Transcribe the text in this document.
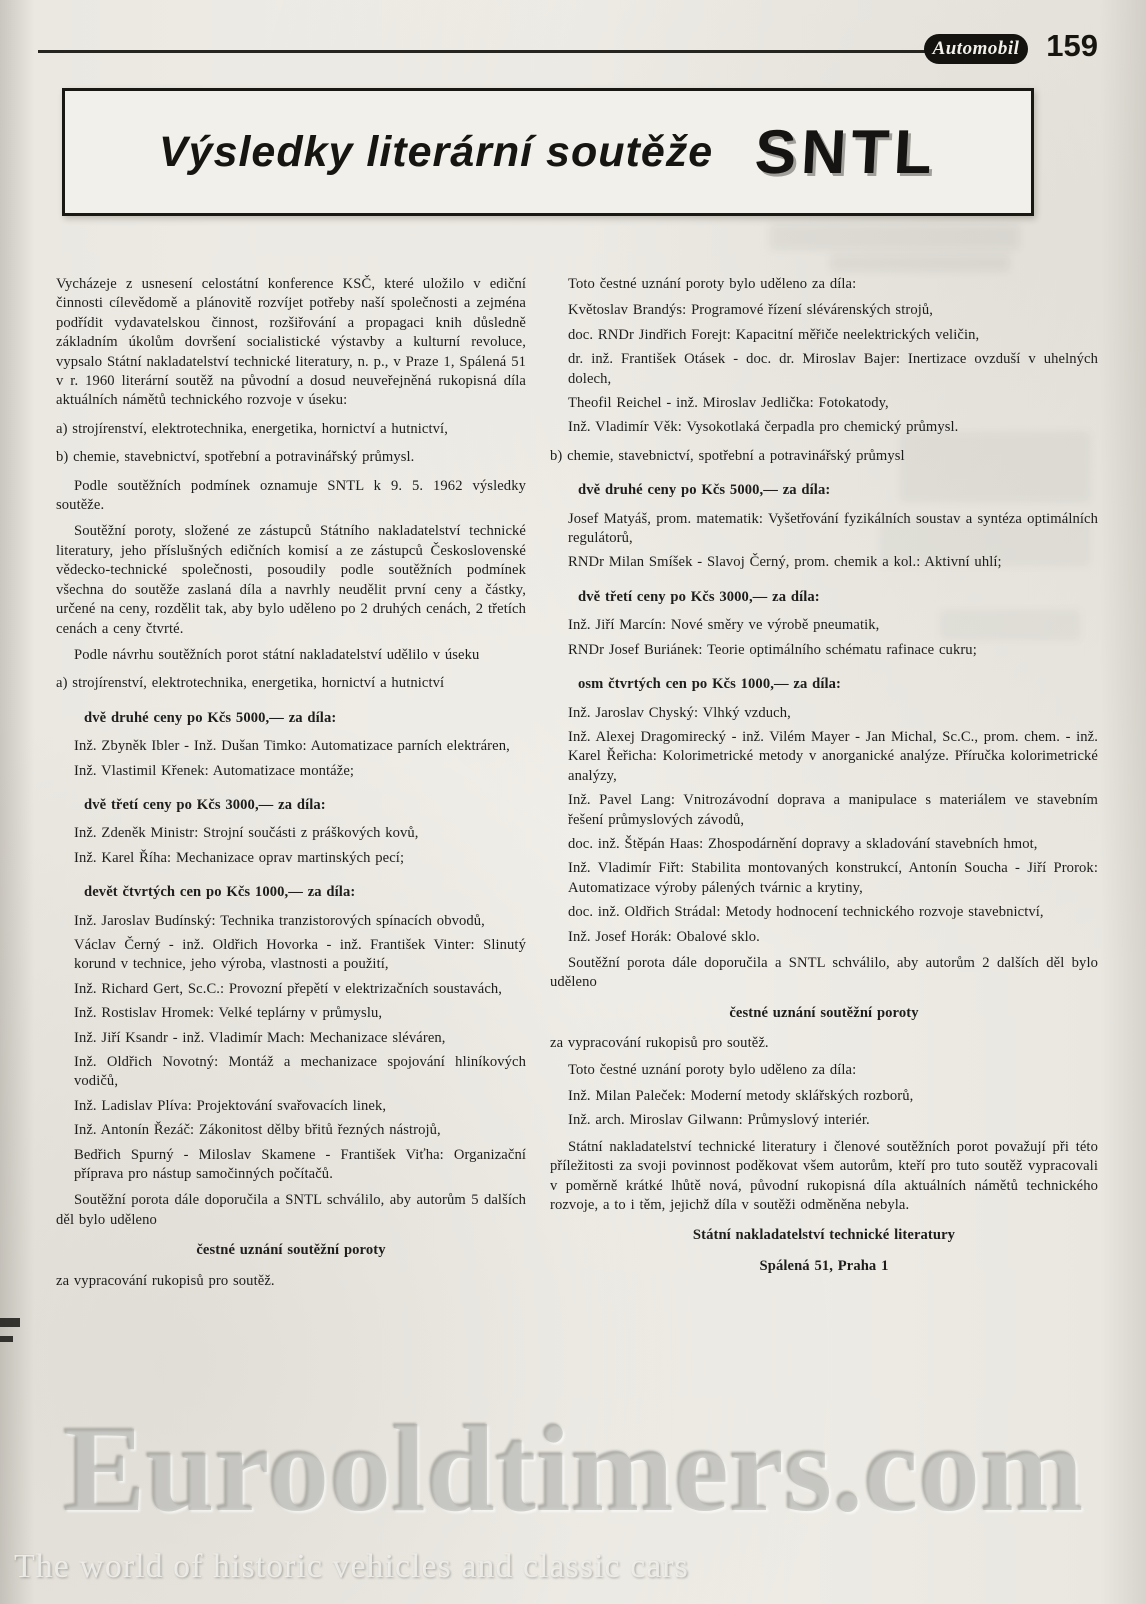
Automobil 159
Výsledky literární soutěže SNTL
Vycházeje z usnesení celostátní konference KSČ, které uložilo v ediční činnosti cílevědomě a plánovitě rozvíjet potřeby naší společnosti a zejména podřídit vydavatelskou činnost, rozšiřování a propagaci knih důsledně základním úkolům dovršení socialistické výstavby a kulturní revoluce, vypsalo Státní nakladatelství technické literatury, n. p., v Praze 1, Spálená 51 v r. 1960 literární soutěž na původní a dosud neuveřejněná rukopisná díla aktuálních námětů technického rozvoje v úseku:
a) strojírenství, elektrotechnika, energetika, hornictví a hutnictví,
b) chemie, stavebnictví, spotřební a potravinářský průmysl.
Podle soutěžních podmínek oznamuje SNTL k 9. 5. 1962 výsledky soutěže.
Soutěžní poroty, složené ze zástupců Státního nakladatelství technické literatury, jeho příslušných edičních komisí a ze zástupců Československé vědecko-technické společnosti, posoudily podle soutěžních podmínek všechna do soutěže zaslaná díla a navrhly neudělit první ceny a částky, určené na ceny, rozdělit tak, aby bylo uděleno po 2 druhých cenách, 2 třetích cenách a ceny čtvrté.
Podle návrhu soutěžních porot státní nakladatelství udělilo v úseku
a) strojírenství, elektrotechnika, energetika, hornictví a hutnictví
dvě druhé ceny po Kčs 5000,— za díla:
Inž. Zbyněk Ibler - Inž. Dušan Timko: Automatizace parních elektráren,
Inž. Vlastimil Křenek: Automatizace montáže;
dvě třetí ceny po Kčs 3000,— za díla:
Inž. Zdeněk Ministr: Strojní součásti z práškových kovů,
Inž. Karel Říha: Mechanizace oprav martinských pecí;
devět čtvrtých cen po Kčs 1000,— za díla:
Inž. Jaroslav Budínský: Technika tranzistorových spínacích obvodů,
Václav Černý - inž. Oldřich Hovorka - inž. František Vinter: Slinutý korund v technice, jeho výroba, vlastnosti a použití,
Inž. Richard Gert, Sc.C.: Provozní přepětí v elektrizačních soustavách,
Inž. Rostislav Hromek: Velké teplárny v průmyslu,
Inž. Jiří Ksandr - inž. Vladimír Mach: Mechanizace sléváren,
Inž. Oldřich Novotný: Montáž a mechanizace spojování hliníkových vodičů,
Inž. Ladislav Plíva: Projektování svařovacích linek,
Inž. Antonín Řezáč: Zákonitost dělby břitů řezných nástrojů,
Bedřich Spurný - Miloslav Skamene - František Viťha: Organizační příprava pro nástup samočinných počítačů.
Soutěžní porota dále doporučila a SNTL schválilo, aby autorům 5 dalších děl bylo uděleno
čestné uznání soutěžní poroty
za vypracování rukopisů pro soutěž.
Toto čestné uznání poroty bylo uděleno za díla:
Květoslav Brandýs: Programové řízení slévárenských strojů,
doc. RNDr Jindřich Forejt: Kapacitní měřiče neelektrických veličin,
dr. inž. František Otásek - doc. dr. Miroslav Bajer: Inertizace ovzduší v uhelných dolech,
Theofil Reichel - inž. Miroslav Jedlička: Fotokatody,
Inž. Vladimír Věk: Vysokotlaká čerpadla pro chemický průmysl.
b) chemie, stavebnictví, spotřební a potravinářský průmysl
dvě druhé ceny po Kčs 5000,— za díla:
Josef Matyáš, prom. matematik: Vyšetřování fyzikálních soustav a syntéza optimálních regulátorů,
RNDr Milan Smíšek - Slavoj Černý, prom. chemik a kol.: Aktivní uhlí;
dvě třetí ceny po Kčs 3000,— za díla:
Inž. Jiří Marcín: Nové směry ve výrobě pneumatik,
RNDr Josef Buriánek: Teorie optimálního schématu rafinace cukru;
osm čtvrtých cen po Kčs 1000,— za díla:
Inž. Jaroslav Chyský: Vlhký vzduch,
Inž. Alexej Dragomirecký - inž. Vilém Mayer - Jan Michal, Sc.C., prom. chem. - inž. Karel Řeřicha: Kolorimetrické metody v anorganické analýze. Příručka kolorimetrické analýzy,
Inž. Pavel Lang: Vnitrozávodní doprava a manipulace s materiálem ve stavebním řešení průmyslových závodů,
doc. inž. Štěpán Haas: Zhospodárnění dopravy a skladování stavebních hmot,
Inž. Vladimír Fiřt: Stabilita montovaných konstrukcí, Antonín Soucha - Jiří Prorok: Automatizace výroby pálených tvárnic a krytiny,
doc. inž. Oldřich Strádal: Metody hodnocení technického rozvoje stavebnictví,
Inž. Josef Horák: Obalové sklo.
Soutěžní porota dále doporučila a SNTL schválilo, aby autorům 2 dalších děl bylo uděleno
čestné uznání soutěžní poroty
za vypracování rukopisů pro soutěž.
Toto čestné uznání poroty bylo uděleno za díla:
Inž. Milan Paleček: Moderní metody sklářských rozborů,
Inž. arch. Miroslav Gilwann: Průmyslový interiér.
Státní nakladatelství technické literatury i členové soutěžních porot považují při této příležitosti za svoji povinnost poděkovat všem autorům, kteří pro tuto soutěž vypracovali v poměrně krátké lhůtě nová, původní rukopisná díla aktuálních námětů technického rozvoje, a to i těm, jejichž díla v soutěži odměněna nebyla.
Státní nakladatelství technické literatury
Spálená 51, Praha 1
Eurooldtimers.com
The world of historic vehicles and classic cars
